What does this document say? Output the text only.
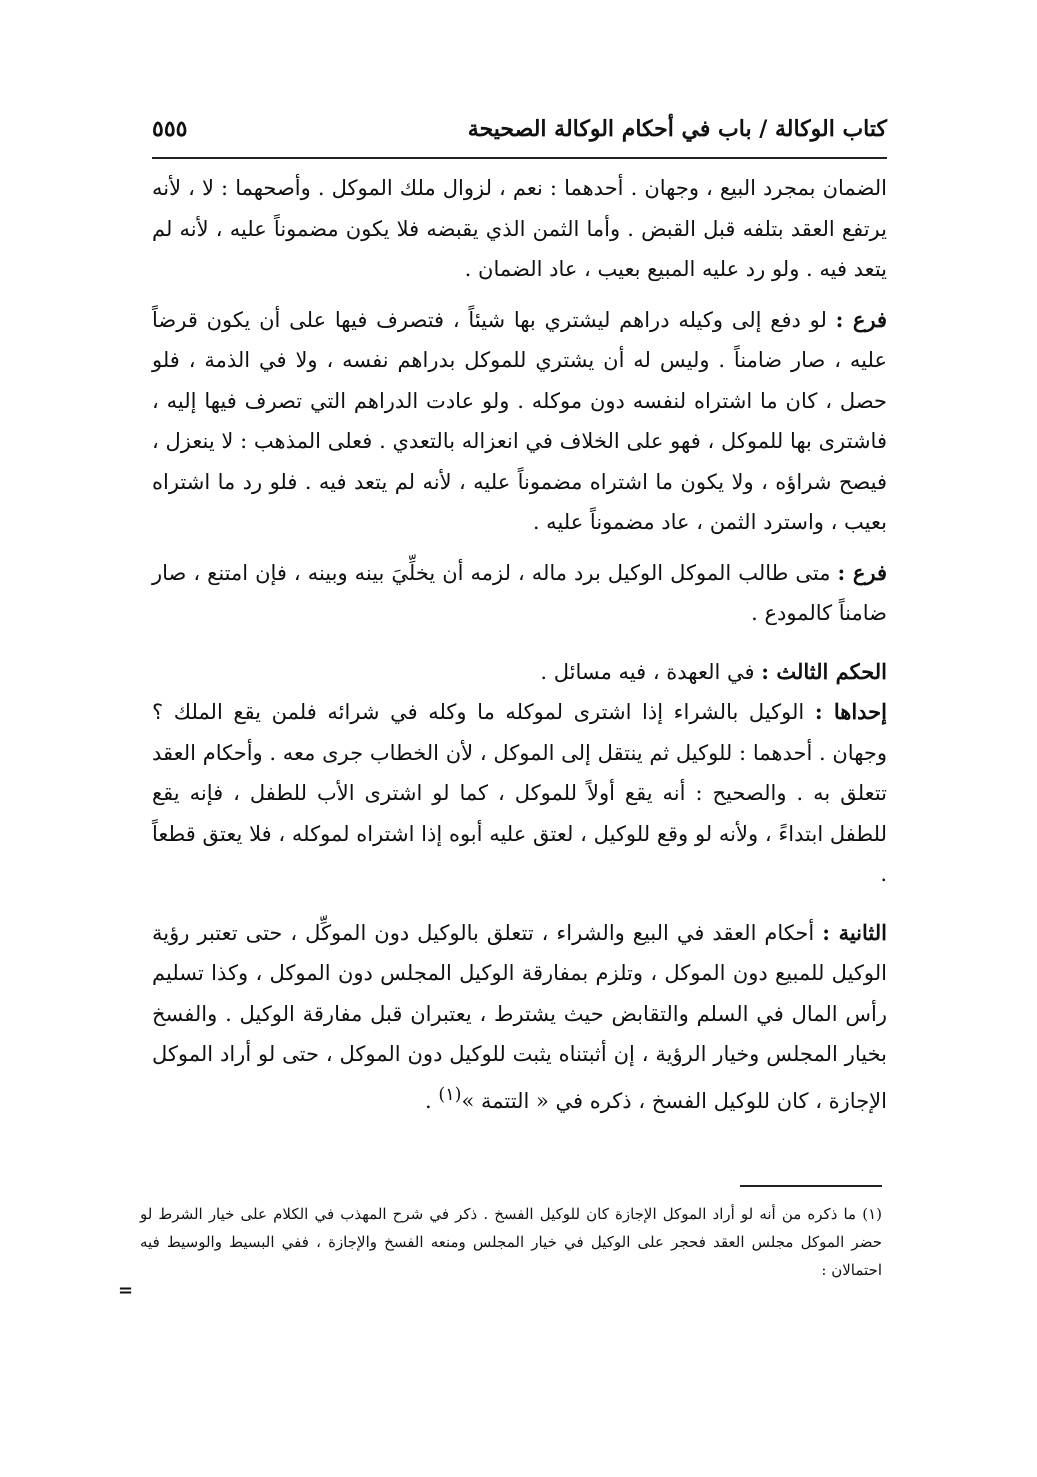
كتاب الوكالة / باب في أحكام الوكالة الصحيحة
٥٥٥

الضمان بمجرد البيع ، وجهان . أحدهما : نعم ، لزوال ملك الموكل . وأصحهما : لا ، لأنه يرتفع العقد بتلفه قبل القبض . وأما الثمن الذي يقبضه فلا يكون مضموناً عليه ، لأنه لم يتعد فيه . ولو رد عليه المبيع بعيب ، عاد الضمان .

فرع : لو دفع إلى وكيله دراهم ليشتري بها شيئاً ، فتصرف فيها على أن يكون قرضاً عليه ، صار ضامناً . وليس له أن يشتري للموكل بدراهم نفسه ، ولا في الذمة ، فلو حصل ، كان ما اشتراه لنفسه دون موكله . ولو عادت الدراهم التي تصرف فيها إليه ، فاشترى بها للموكل ، فهو على الخلاف في انعزاله بالتعدي . فعلى المذهب : لا ينعزل ، فيصح شراؤه ، ولا يكون ما اشتراه مضموناً عليه ، لأنه لم يتعد فيه . فلو رد ما اشتراه بعيب ، واسترد الثمن ، عاد مضموناً عليه .

فرع : متى طالب الموكل الوكيل برد ماله ، لزمه أن يخلِّيَ بينه وبينه ، فإن امتنع ، صار ضامناً كالمودع .

الحكم الثالث : في العهدة ، فيه مسائل .

إحداها : الوكيل بالشراء إذا اشترى لموكله ما وكله في شرائه فلمن يقع الملك ؟ وجهان . أحدهما : للوكيل ثم ينتقل إلى الموكل ، لأن الخطاب جرى معه . وأحكام العقد تتعلق به . والصحيح : أنه يقع أولاً للموكل ، كما لو اشترى الأب للطفل ، فإنه يقع للطفل ابتداءً ، ولأنه لو وقع للوكيل ، لعتق عليه أبوه إذا اشتراه لموكله ، فلا يعتق قطعاً .

الثانية : أحكام العقد في البيع والشراء ، تتعلق بالوكيل دون الموكِّل ، حتى تعتبر رؤية الوكيل للمبيع دون الموكل ، وتلزم بمفارقة الوكيل المجلس دون الموكل ، وكذا تسليم رأس المال في السلم والتقابض حيث يشترط ، يعتبران قبل مفارقة الوكيل . والفسخ بخيار المجلس وخيار الرؤية ، إن أثبتناه يثبت للوكيل دون الموكل ، حتى لو أراد الموكل الإجازة ، كان للوكيل الفسخ ، ذكره في « التتمة »$^{(١)}$ .

(١) ما ذكره من أنه لو أراد الموكل الإجازة كان للوكيل الفسخ . ذكر في شرح المهذب في الكلام على خيار الشرط لو حضر الموكل مجلس العقد فحجر على الوكيل في خيار المجلس ومنعه الفسخ والإجازة ، ففي البسيط والوسيط فيه احتمالان :

=
